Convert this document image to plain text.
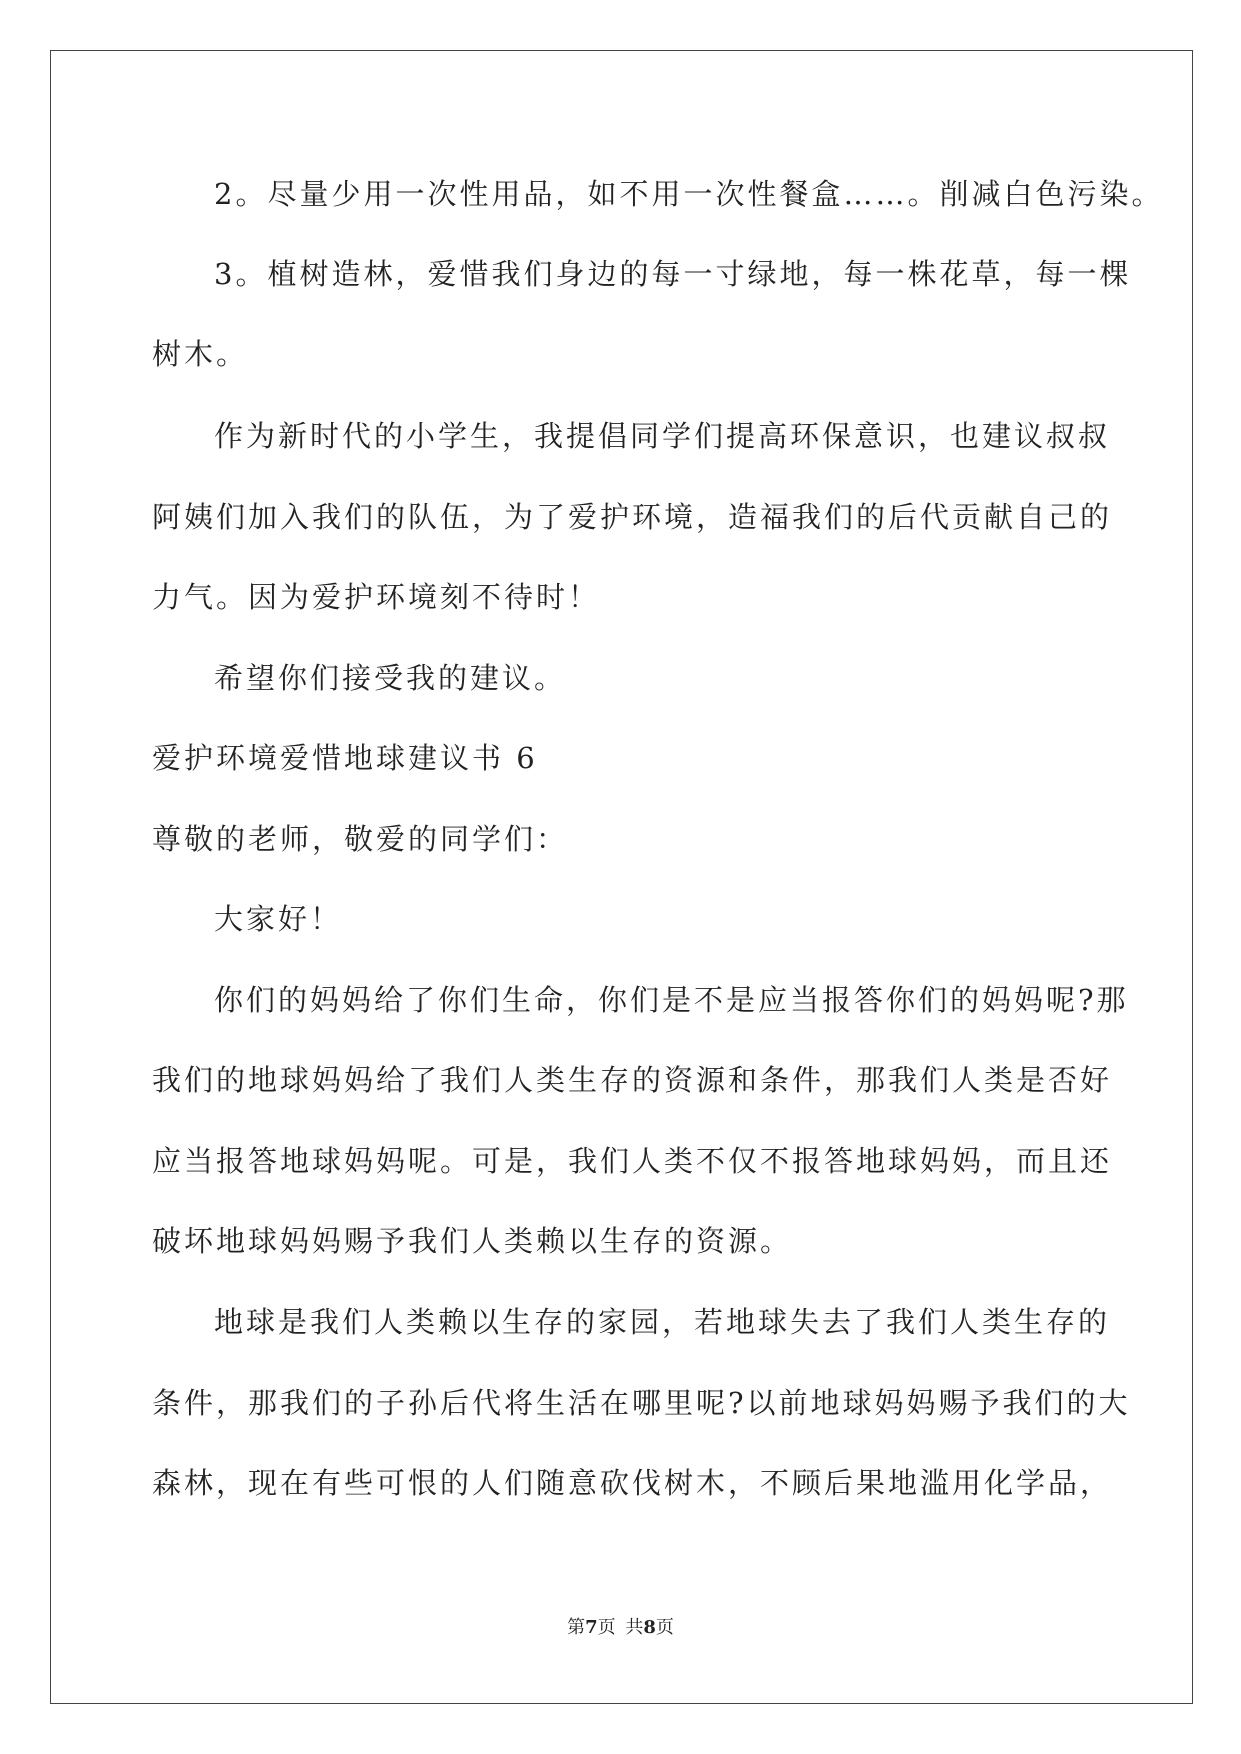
2。尽量少用一次性用品，如不用一次性餐盒……。削减白色污染。
3。植树造林，爱惜我们身边的每一寸绿地，每一株花草，每一棵
树木。
作为新时代的小学生，我提倡同学们提高环保意识，也建议叔叔
阿姨们加入我们的队伍，为了爱护环境，造福我们的后代贡献自己的
力气。因为爱护环境刻不待时！
希望你们接受我的建议。
爱护环境爱惜地球建议书 6
尊敬的老师，敬爱的同学们：
大家好！
你们的妈妈给了你们生命，你们是不是应当报答你们的妈妈呢?那
我们的地球妈妈给了我们人类生存的资源和条件，那我们人类是否好
应当报答地球妈妈呢。可是，我们人类不仅不报答地球妈妈，而且还
破坏地球妈妈赐予我们人类赖以生存的资源。
地球是我们人类赖以生存的家园，若地球失去了我们人类生存的
条件，那我们的子孙后代将生活在哪里呢?以前地球妈妈赐予我们的大
森林，现在有些可恨的人们随意砍伐树木，不顾后果地滥用化学品，
第7页 共8页
